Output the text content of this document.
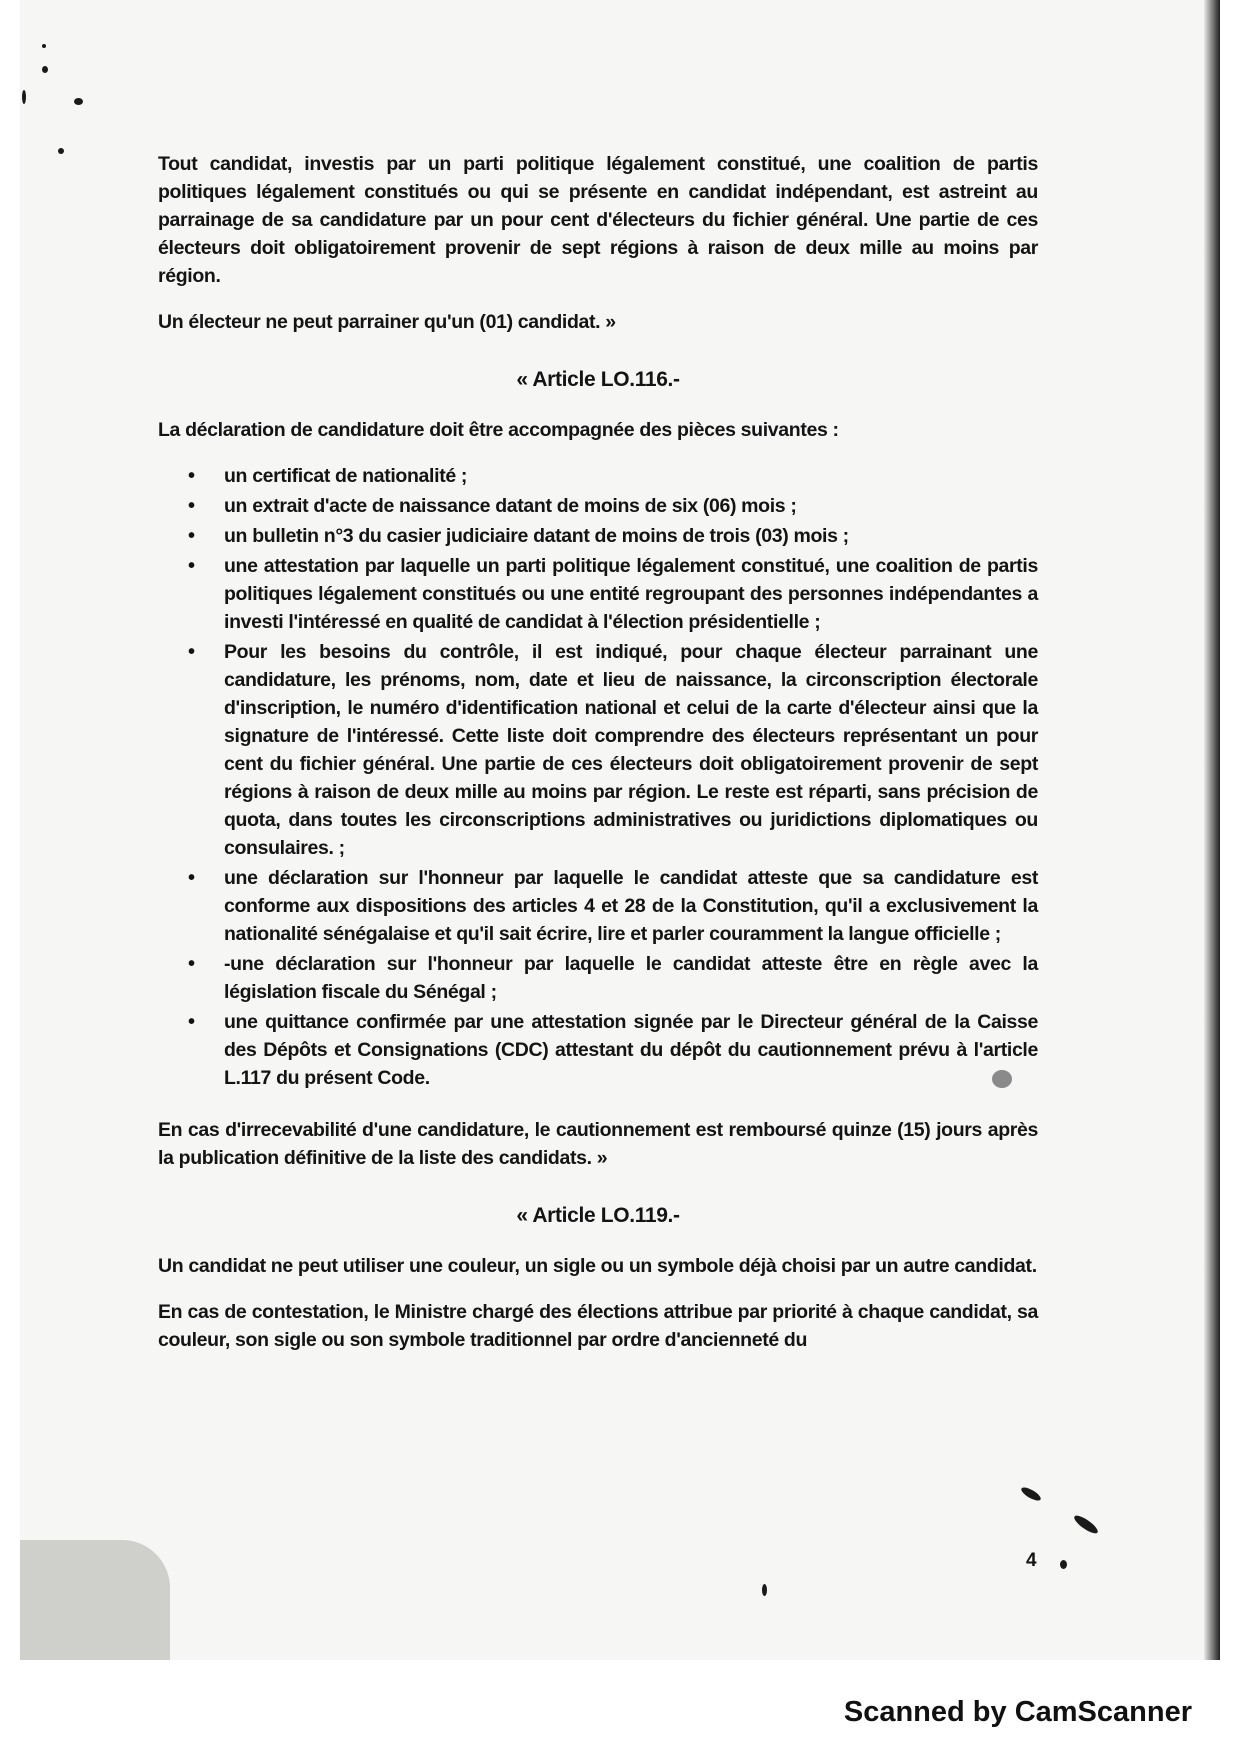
4

Tout candidat, investis par un parti politique légalement constitué, une coalition de partis politiques légalement constitués ou qui se présente en candidat indépendant, est astreint au parrainage de sa candidature par un pour cent d'électeurs du fichier général. Une partie de ces électeurs doit obligatoirement provenir de sept régions à raison de deux mille au moins par région.

Un électeur ne peut parrainer qu'un (01) candidat. »

« Article LO.116.-

La déclaration de candidature doit être accompagnée des pièces suivantes :

• un certificat de nationalité ;
• un extrait d'acte de naissance datant de moins de six (06) mois ;
• un bulletin n°3 du casier judiciaire datant de moins de trois (03) mois ;
• une attestation par laquelle un parti politique légalement constitué, une coalition de partis politiques légalement constitués ou une entité regroupant des personnes indépendantes a investi l'intéressé en qualité de candidat à l'élection présidentielle ;
• Pour les besoins du contrôle, il est indiqué, pour chaque électeur parrainant une candidature, les prénoms, nom, date et lieu de naissance, la circonscription électorale d'inscription, le numéro d'identification national et celui de la carte d'électeur ainsi que la signature de l'intéressé. Cette liste doit comprendre des électeurs représentant un pour cent du fichier général. Une partie de ces électeurs doit obligatoirement provenir de sept régions à raison de deux mille au moins par région. Le reste est réparti, sans précision de quota, dans toutes les circonscriptions administratives ou juridictions diplomatiques ou consulaires. ;
• une déclaration sur l'honneur par laquelle le candidat atteste que sa candidature est conforme aux dispositions des articles 4 et 28 de la Constitution, qu'il a exclusivement la nationalité sénégalaise et qu'il sait écrire, lire et parler couramment la langue officielle ;
• -une déclaration sur l'honneur par laquelle le candidat atteste être en règle avec la législation fiscale du Sénégal ;
• une quittance confirmée par une attestation signée par le Directeur général de la Caisse des Dépôts et Consignations (CDC) attestant du dépôt du cautionnement prévu à l'article L.117 du présent Code.

En cas d'irrecevabilité d'une candidature, le cautionnement est remboursé quinze (15) jours après la publication définitive de la liste des candidats. »

« Article LO.119.-

Un candidat ne peut utiliser une couleur, un sigle ou un symbole déjà choisi par un autre candidat.

En cas de contestation, le Ministre chargé des élections attribue par priorité à chaque candidat, sa couleur, son sigle ou son symbole traditionnel par ordre d'ancienneté du

Scanned by CamScanner
